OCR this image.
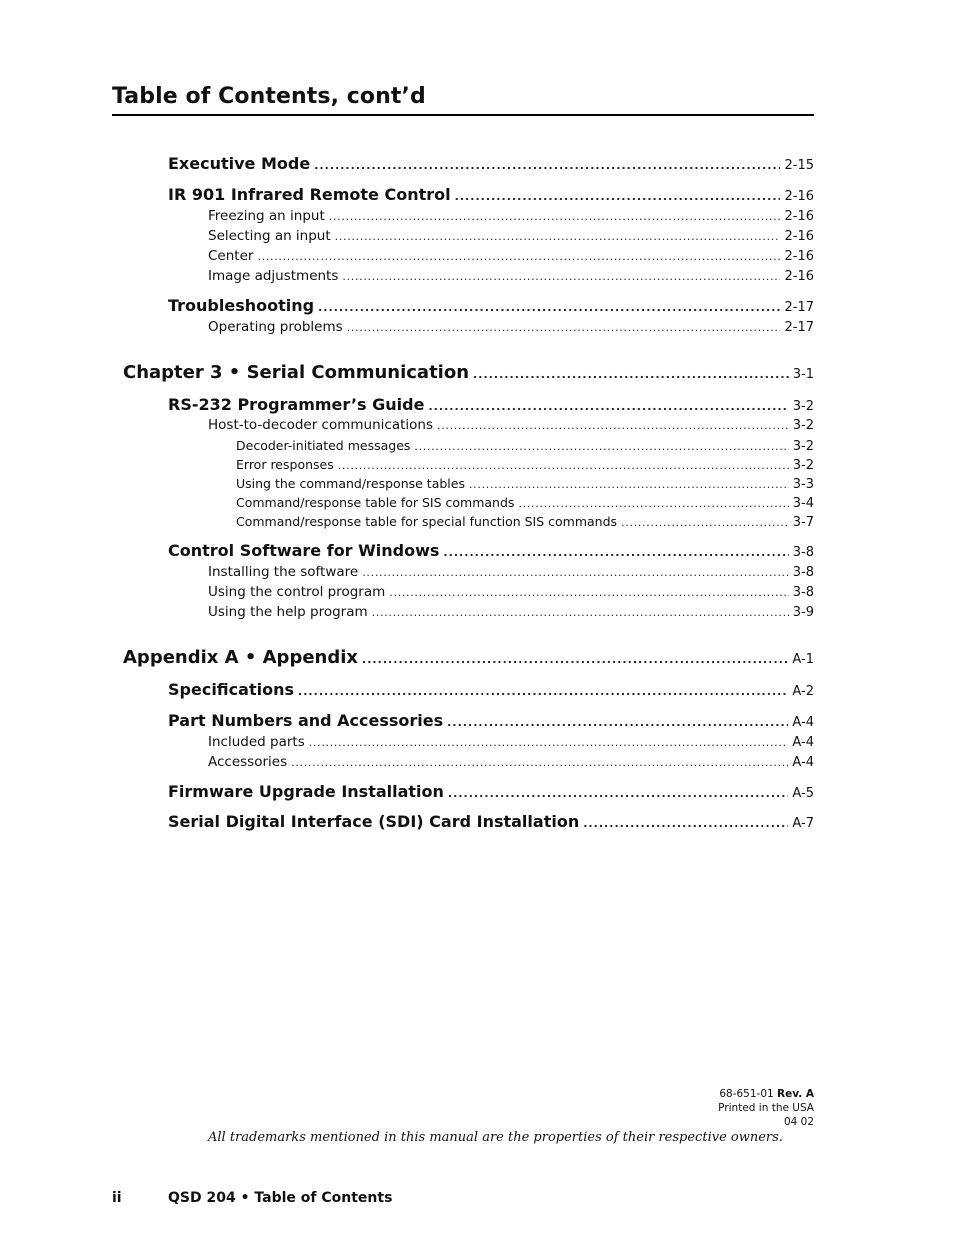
Table of Contents, cont’d
Executive Mode . . .	2-15
IR 901 Infrared Remote Control . . .	2-16
Freezing an input . . .	2-16
Selecting an input . . .	2-16
Center . . .	2-16
Image adjustments . . .	2-16
Troubleshooting . . .	2-17
Operating problems . . .	2-17
Chapter 3 • Serial Communication . . .	3-1
RS-232 Programmer’s Guide . . .	3-2
Host-to-decoder communications . . .	3-2
Decoder-initiated messages . . .	3-2
Error responses . . .	3-2
Using the command/response tables . . .	3-3
Command/response table for SIS commands . . .	3-4
Command/response table for special function SIS commands . . .	3-7
Control Software for Windows . . .	3-8
Installing the software . . .	3-8
Using the control program . . .	3-8
Using the help program . . .	3-9
Appendix A • Appendix . . .	A-1
Specifications . . .	A-2
Part Numbers and Accessories . . .	A-4
Included parts . . .	A-4
Accessories . . .	A-4
Firmware Upgrade Installation . . .	A-5
Serial Digital Interface (SDI) Card Installation . . .	A-7
68-651-01 Rev. A
Printed in the USA
04 02
All trademarks mentioned in this manual are the properties of their respective owners.
ii	QSD 204 • Table of Contents
